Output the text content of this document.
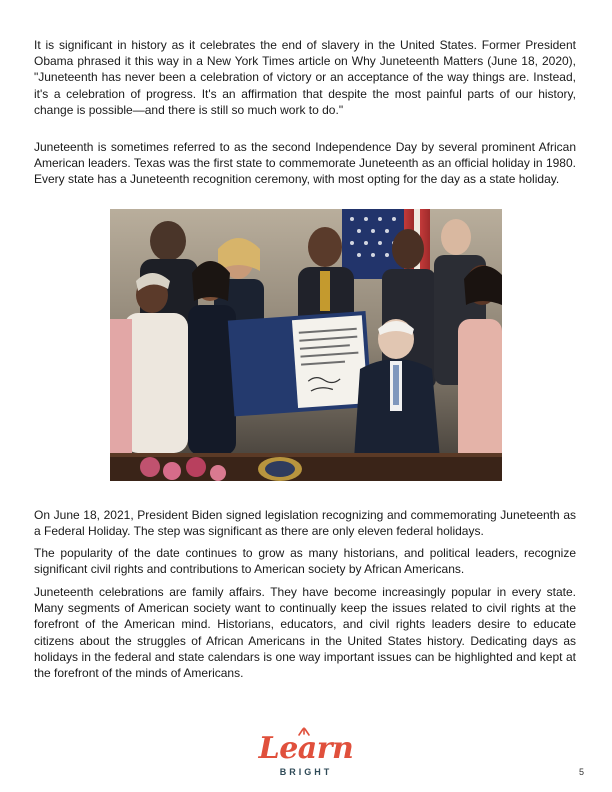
It is significant in history as it celebrates the end of slavery in the United States. Former President Obama phrased it this way in a New York Times article on Why Juneteenth Matters (June 18, 2020), "Juneteenth has never been a celebration of victory or an acceptance of the way things are. Instead, it's a celebration of progress. It's an affirmation that despite the most painful parts of our history, change is possible—and there is still so much work to do."

Juneteenth is sometimes referred to as the second Independence Day by several prominent African American leaders. Texas was the first state to commemorate Juneteenth as an official holiday in 1980. Every state has a Juneteenth recognition ceremony, with most opting for the day as a state holiday.

On June 18, 2021, President Biden signed legislation recognizing and commemorating Juneteenth as a Federal Holiday. The step was significant as there are only eleven federal holidays.

The popularity of the date continues to grow as many historians, and political leaders, recognize significant civil rights and contributions to American society by African Americans.

Juneteenth celebrations are family affairs. They have become increasingly popular in every state. Many segments of American society want to continually keep the issues related to civil rights at the forefront of the American mind. Historians, educators, and civil rights leaders desire to educate citizens about the struggles of African Americans in the United States history. Dedicating days as holidays in the federal and state calendars is one way important issues can be highlighted and kept at the forefront of the minds of Americans.

Learn
BRIGHT	5
